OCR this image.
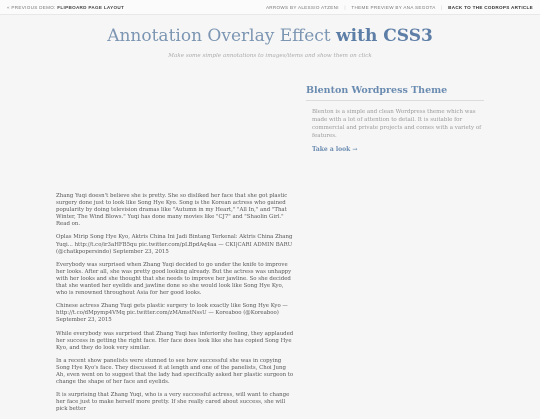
« PREVIOUS DEMO: FLIPBOARD PAGE LAYOUT	ARROWS BY ALESSIO ATZENI | THEME PREVIEW BY ANA SEGOTA | BACK TO THE CODROPS ARTICLE
Annotation Overlay Effect with CSS3
Make some simple annotations to images/items and show them on click
Blenton Wordpress Theme

Blenton is a simple and clean Wordpress theme which was made with a lot of attention to detail. It is suitable for commercial and private projects and comes with a variety of features.

Take a look →

Zhang Yuqi doesn't believe she is pretty. She so disliked her face that she got plastic surgery done just to look like Song Hye Kyo. Song is the Korean actress who gained popularity by doing television dramas like "Autumn in my Heart," "All In," and "That Winter, The Wind Blows." Yuqi has done many movies like "CJ7" and "Shaolin Girl." Read on.

Oplas Mirip Song Hye Kyo, Aktris China Ini Jadi Bintang Terkenal: Aktris China Zhang Yuqi... http://t.co/ir3aHFB5qu pic.twitter.com/pLBpdAq4aa — CKI|CARI ADMIN BARU (@chatkpopersindo) September 23, 2015

Everybody was surprised when Zhang Yuqi decided to go under the knife to improve her looks. After all, she was pretty good looking already. But the actress was unhappy with her looks and she thought that she needs to improve her jawline. So she decided that she wanted her eyelids and jawline done so she would look like Song Hye Kyo, who is renowned throughout Asia for her good looks.

Chinese actress Zhang Yuqi gets plastic surgery to look exactly like Song Hye Kyo — http://t.co/dMpymp4VMq pic.twitter.com/zMAmstNssU — Koreaboo (@Koreaboo) September 23, 2015

While everybody was surprised that Zhang Yuqi has inferiority feeling, they applauded her success in getting the right face. Her face does look like she has copied Song Hye Kyo, and they do look very similar.

In a recent show panelists were stunned to see how successful she was in copying Song Hye Kyo's face. They discussed it at length and one of the panelists, Choi Jung Ah, even went on to suggest that the lady had specifically asked her plastic surgeon to change the shape of her face and eyelids.

It is surprising that Zhang Yuqi, who is a very successful actress, will want to change her face just to make herself more pretty. If she really cared about success, she will pick better
